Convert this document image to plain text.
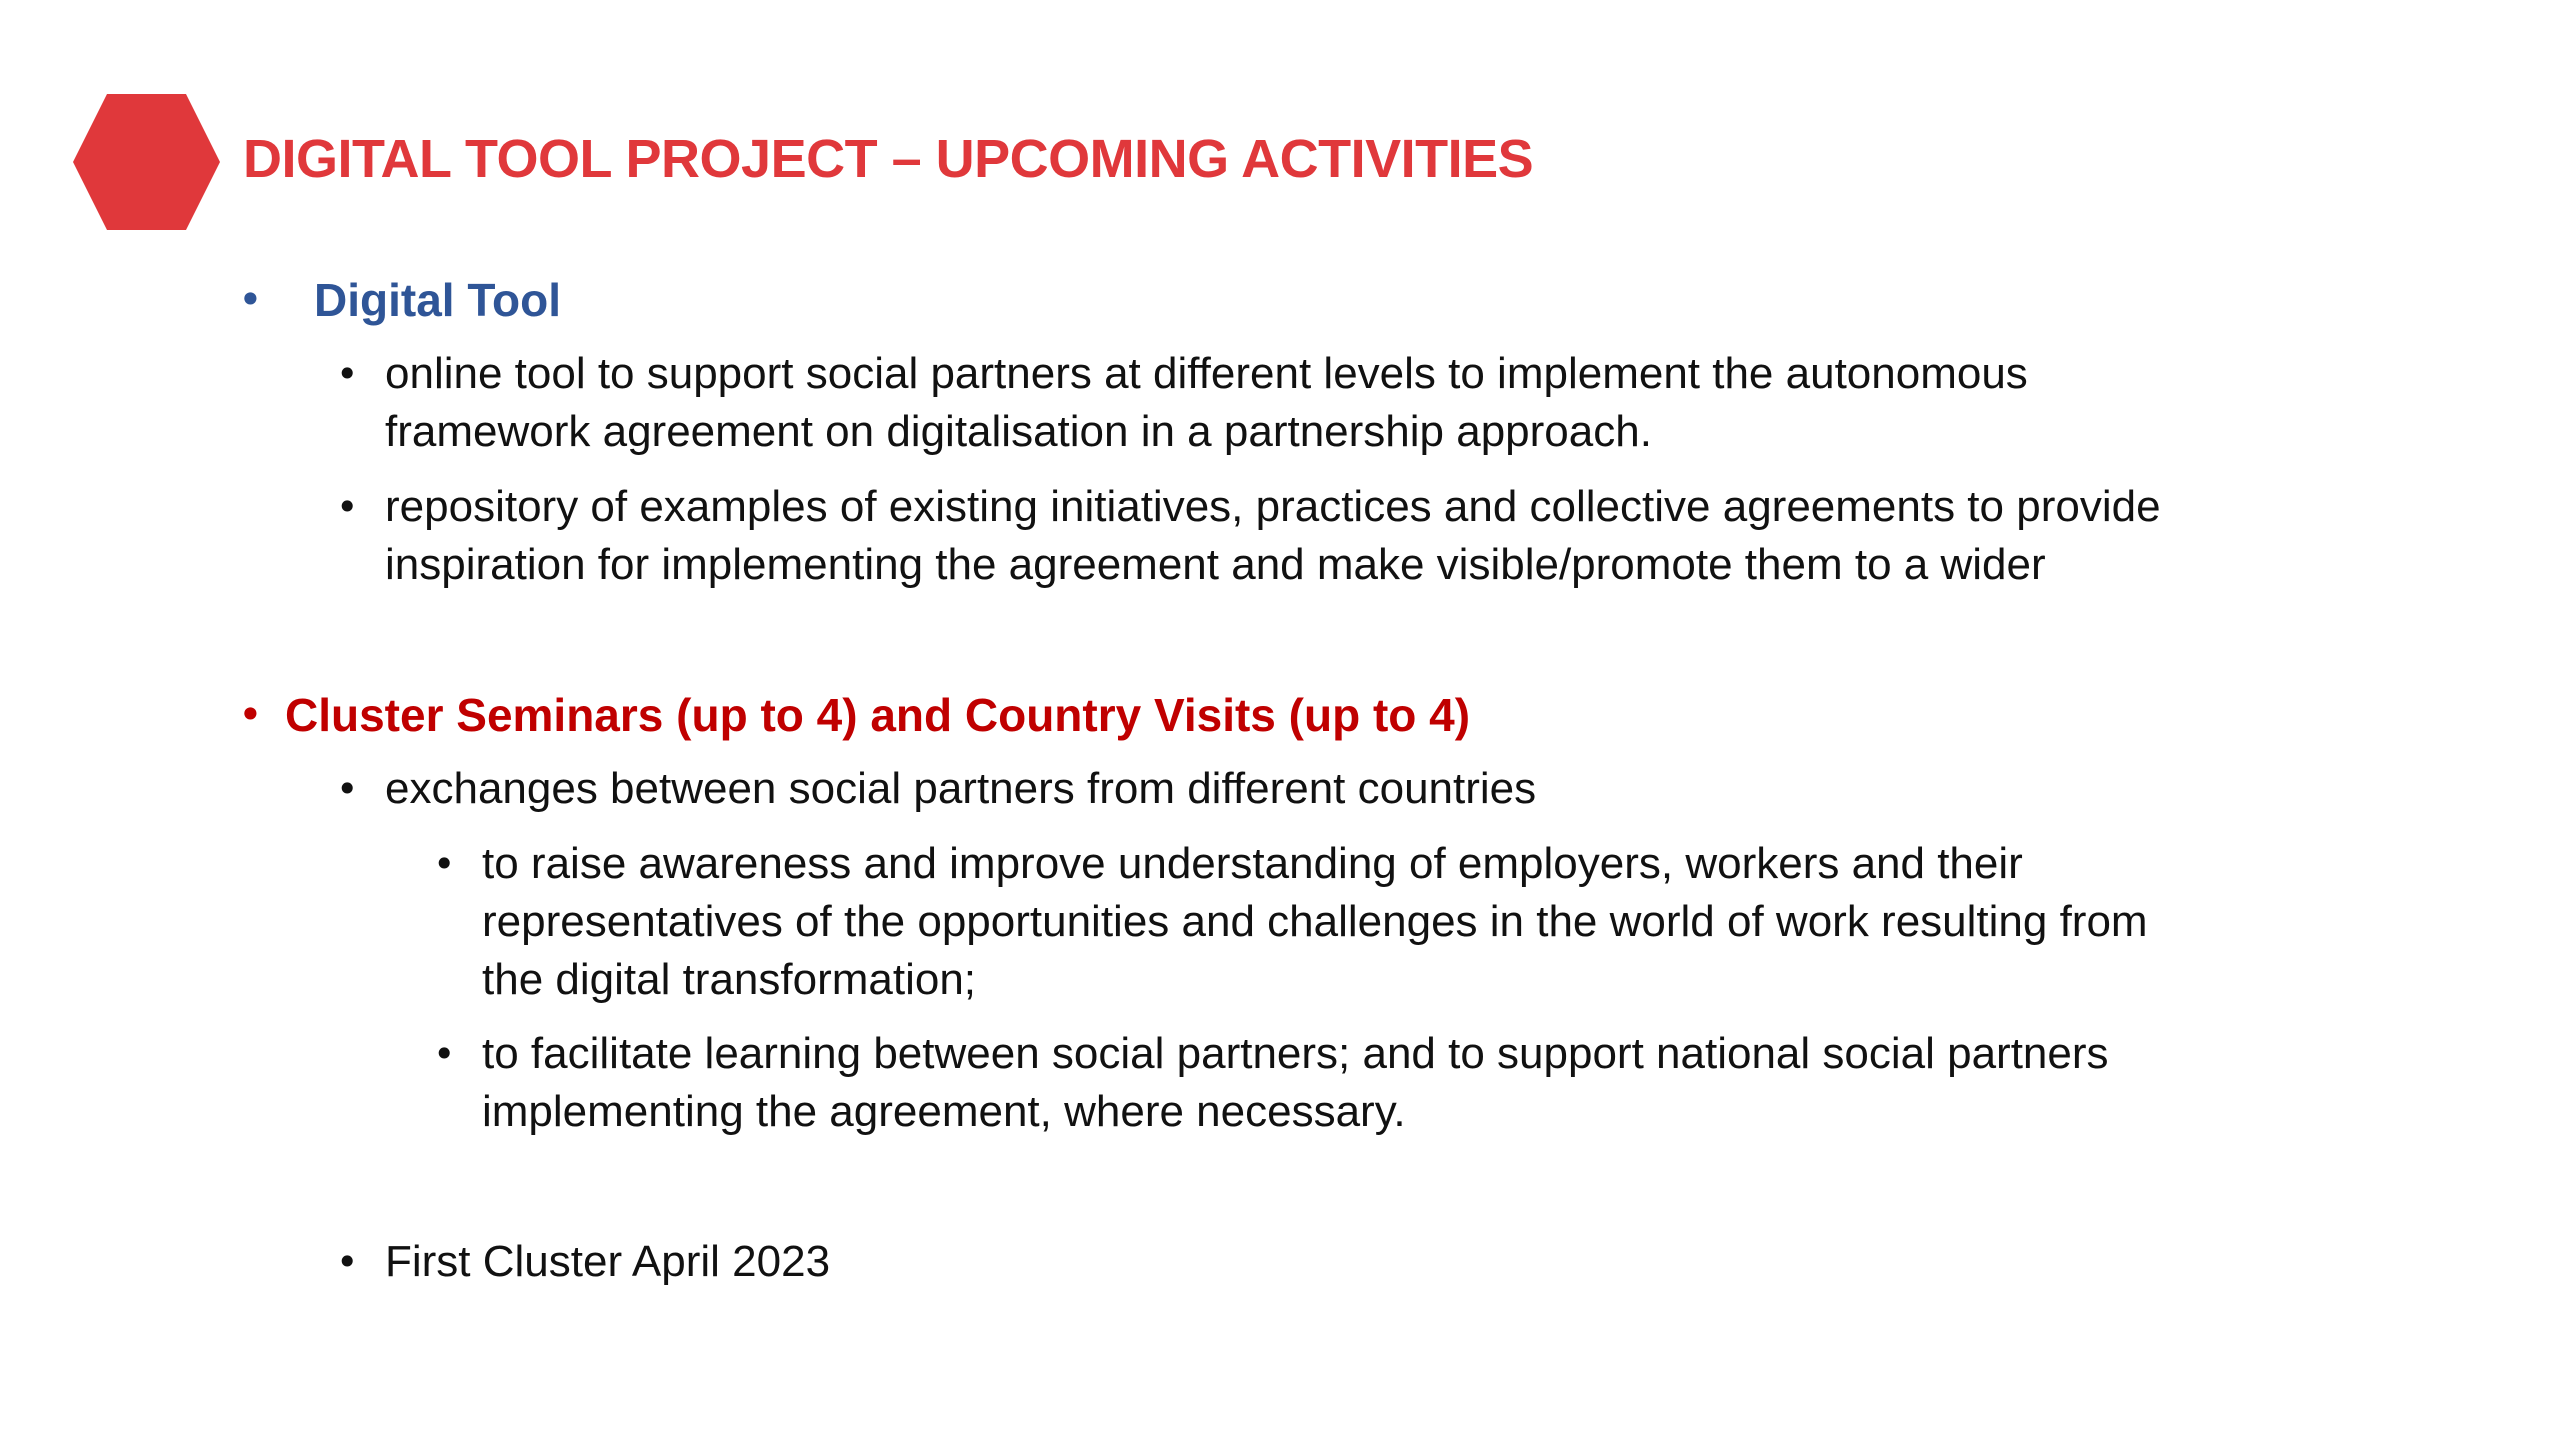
DIGITAL TOOL PROJECT – UPCOMING ACTIVITIES
• Digital Tool
• online tool to support social partners at different levels to implement the autonomous
framework agreement on digitalisation in a partnership approach.
• repository of examples of existing initiatives, practices and collective agreements to provide
inspiration for implementing the agreement and make visible/promote them to a wider
• Cluster Seminars (up to 4) and Country Visits (up to 4)
• exchanges between social partners from different countries
• to raise awareness and improve understanding of employers, workers and their
representatives of the opportunities and challenges in the world of work resulting from
the digital transformation;
• to facilitate learning between social partners; and to support national social partners
implementing the agreement, where necessary.
• First Cluster April 2023
